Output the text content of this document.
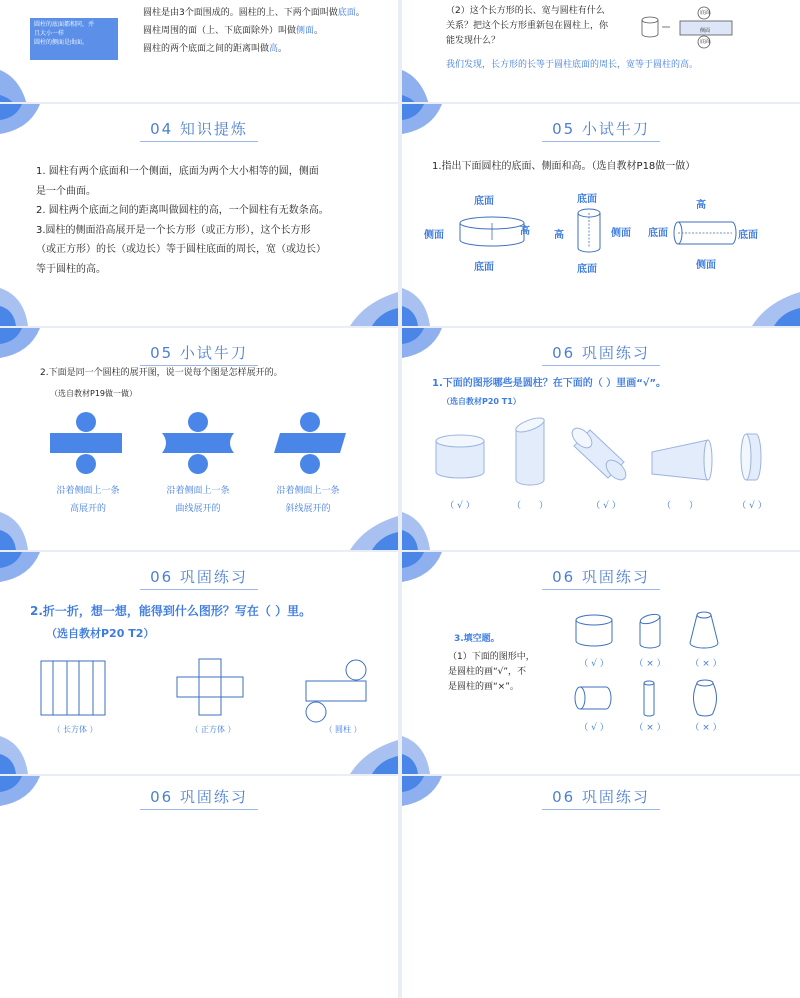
圆柱的底面都相同，并
且大小一样
圆柱的侧面是曲面。
圆柱是由3个面围成的。圆柱的上、下两个面叫做底面。
圆柱周围的面（上、下底面除外）叫做侧面。
圆柱的两个底面之间的距离叫做高。
（2）这个长方形的长、宽与圆柱有什么
关系？把这个长方形重新包在圆柱上，你
能发现什么？
我们发现，长方形的长等于圆柱底面的周长，宽等于圆柱的高。
底面
侧面
底面
04 知识提炼
1. 圆柱有两个底面和一个侧面，底面为两个大小相等的圆，侧面
是一个曲面。
2. 圆柱两个底面之间的距离叫做圆柱的高，一个圆柱有无数条高。
3.圆柱的侧面沿高展开是一个长方形（或正方形），这个长方形
（或正方形）的长（或边长）等于圆柱底面的周长，宽（或边长）
等于圆柱的高。
05 小试牛刀
1.指出下面圆柱的底面、侧面和高。（选自教材P18做一做）
底面
侧面	高
底面
底面
高	侧面
底面
高
底面	底面
侧面
05 小试牛刀
2.下面是同一个圆柱的展开图，说一说每个图是怎样展开的。
（选自教材P19做一做）
沿着侧面上一条
高展开的
沿着侧面上一条
曲线展开的
沿着侧面上一条
斜线展开的
06 巩固练习
1.下面的图形哪些是圆柱？在下面的（ ）里画“√”。
（选自教材P20 T1）
（ √ ）	（　　）	（ √ ）	（　　）	（ √ ）
06 巩固练习
2.折一折，想一想，能得到什么图形？写在（ ）里。
（选自教材P20 T2）
（ 长方体 ）	（ 正方体 ）	（ 圆柱 ）
06 巩固练习
3.填空题。
（1）下面的图形中，
是圆柱的画“√”，不
是圆柱的画“×”。
（ √ ）	（ × ）	（ × ）
（ √ ）	（ × ）	（ × ）
06 巩固练习	06 巩固练习
